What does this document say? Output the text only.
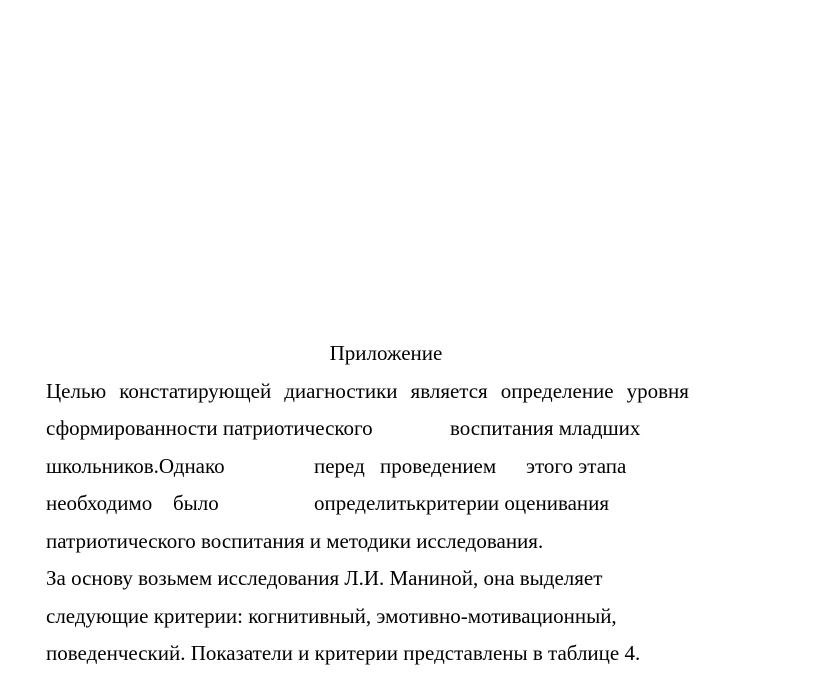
Приложение
Целью констатирующей диагностики является определение уровня
сформированности патриотического	воспитания младших
школьников.Однако	перед проведением этого этапа
необходимо было	определитькритерии оценивания
патриотического воспитания и методики исследования.
За основу возьмем исследования Л.И. Маниной, она выделяет
следующие критерии: когнитивный, эмотивно-мотивационный,
поведенческий. Показатели и критерии представлены в таблице 4.
